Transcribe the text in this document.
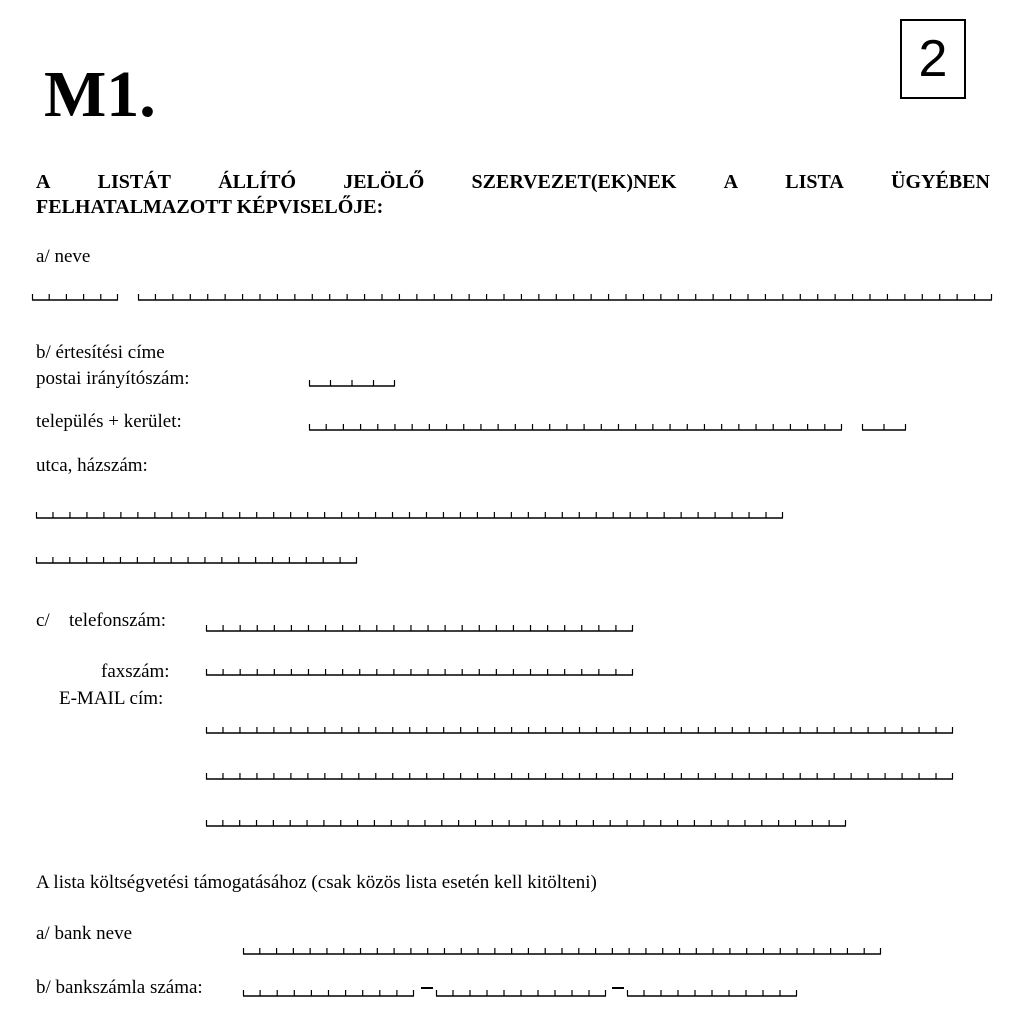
M1.	2
A LISTÁT ÁLLÍTÓ JELÖLŐ SZERVEZET(EK)NEK A LISTA ÜGYÉBEN
FELHATALMAZOTT KÉPVISELŐJE:
a/ neve
b/ értesítési címe
postai irányítószám:
település + kerület:
utca, házszám:
c/ telefonszám:
faxszám:
E-MAIL cím:
A lista költségvetési támogatásához (csak közös lista esetén kell kitölteni)
a/ bank neve
b/ bankszámla száma:
